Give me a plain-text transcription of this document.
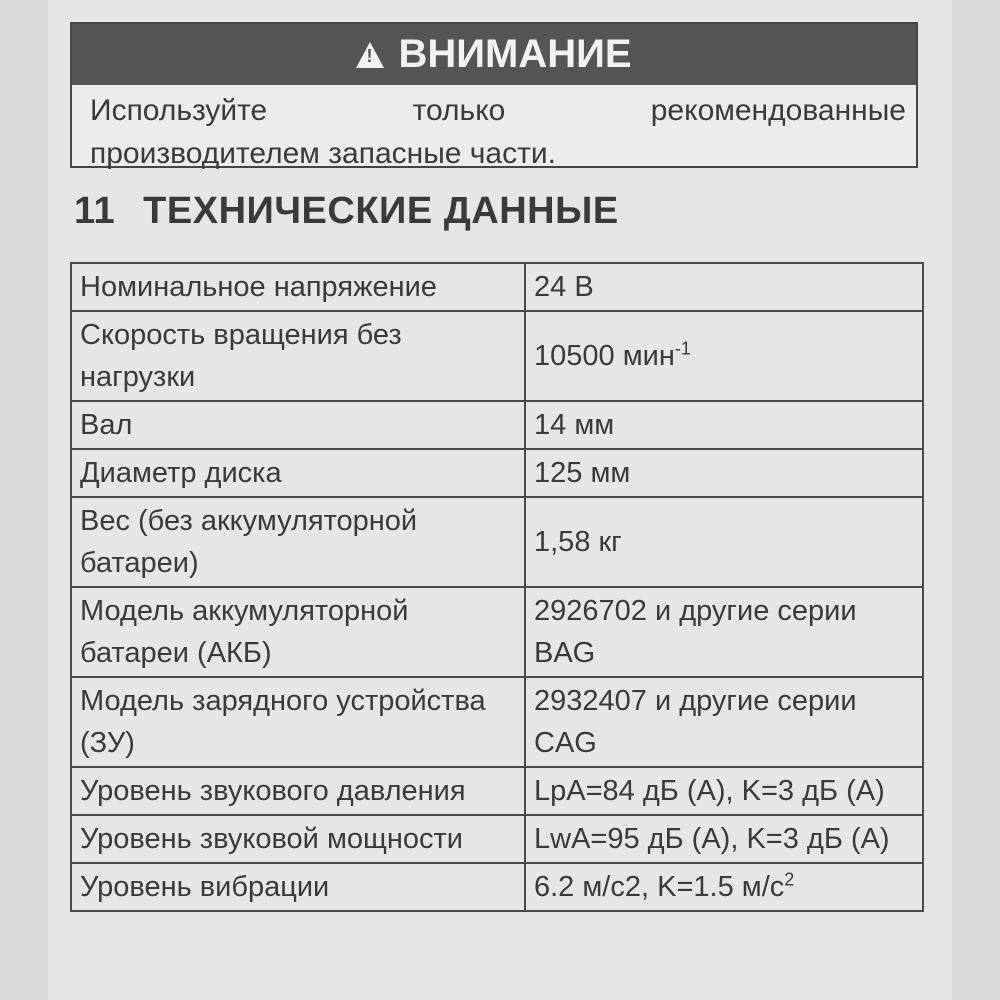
!
ВНИМАНИЕ
Используйте	только	рекомендованные
производителем запасные части.
11 ТЕХНИЧЕСКИЕ ДАННЫЕ
Номинальное напряжение	24 В
Скорость вращения без нагрузки	10500 мин$^{-1}$
Вал	14 мм
Диаметр диска	125 мм
Вес (без аккумуляторной батареи)	1,58 кг
Модель аккумуляторной батареи (АКБ)	2926702 и другие серии BAG
Модель зарядного устройства (ЗУ)	2932407 и другие серии CAG
Уровень звукового давления	LpA=84 дБ (А), K=3 дБ (А)
Уровень звуковой мощности	LwA=95 дБ (А), K=3 дБ (А)
Уровень вибрации	6.2 м/с2, K=1.5 $м/с^2$
